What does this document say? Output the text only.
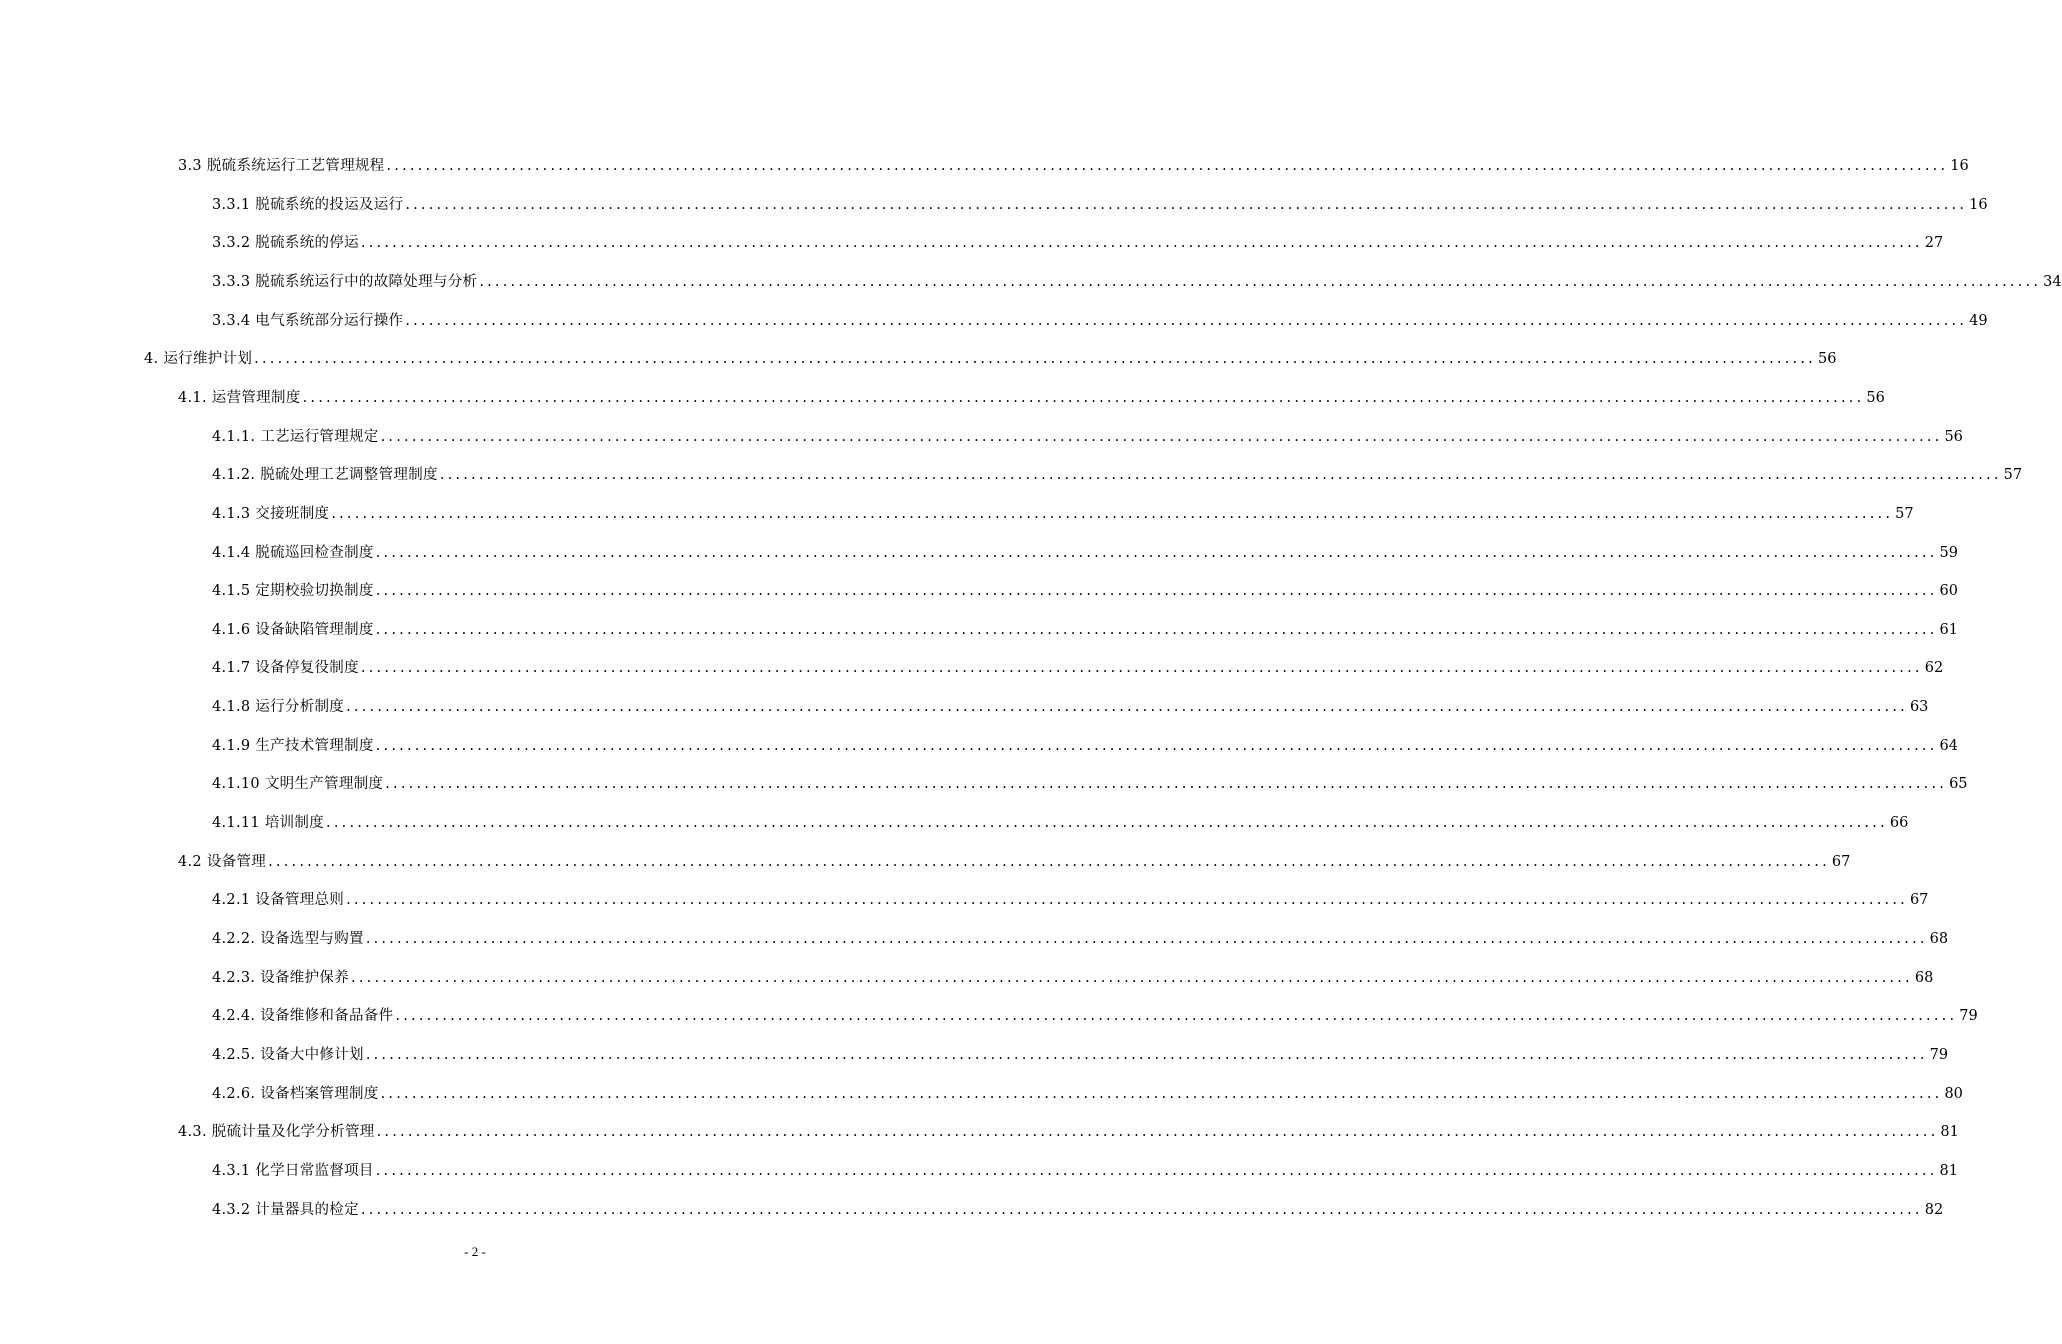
3.3 脱硫系统运行工艺管理规程 ........................................................................................................................................................................................................ 16
3.3.1 脱硫系统的投运及运行 ........................................................................................................................................................................................................ 16
3.3.2 脱硫系统的停运 ........................................................................................................................................................................................................ 27
3.3.3 脱硫系统运行中的故障处理与分析 ........................................................................................................................................................................................................ 34
3.3.4 电气系统部分运行操作 ........................................................................................................................................................................................................ 49
4. 运行维护计划 ........................................................................................................................................................................................................ 56
4.1. 运营管理制度 ........................................................................................................................................................................................................ 56
4.1.1. 工艺运行管理规定 ........................................................................................................................................................................................................ 56
4.1.2. 脱硫处理工艺调整管理制度 ........................................................................................................................................................................................................ 57
4.1.3 交接班制度 ........................................................................................................................................................................................................ 57
4.1.4 脱硫巡回检查制度 ........................................................................................................................................................................................................ 59
4.1.5 定期校验切换制度 ........................................................................................................................................................................................................ 60
4.1.6 设备缺陷管理制度 ........................................................................................................................................................................................................ 61
4.1.7 设备停复役制度 ........................................................................................................................................................................................................ 62
4.1.8 运行分析制度 ........................................................................................................................................................................................................ 63
4.1.9 生产技术管理制度 ........................................................................................................................................................................................................ 64
4.1.10 文明生产管理制度 ........................................................................................................................................................................................................ 65
4.1.11 培训制度 ........................................................................................................................................................................................................ 66
4.2 设备管理 ........................................................................................................................................................................................................ 67
4.2.1 设备管理总则 ........................................................................................................................................................................................................ 67
4.2.2. 设备选型与购置 ........................................................................................................................................................................................................ 68
4.2.3. 设备维护保养 ........................................................................................................................................................................................................ 68
4.2.4. 设备维修和备品备件 ........................................................................................................................................................................................................ 79
4.2.5. 设备大中修计划 ........................................................................................................................................................................................................ 79
4.2.6. 设备档案管理制度 ........................................................................................................................................................................................................ 80
4.3. 脱硫计量及化学分析管理 ........................................................................................................................................................................................................ 81
4.3.1 化学日常监督项目 ........................................................................................................................................................................................................ 81
4.3.2 计量器具的检定 ........................................................................................................................................................................................................ 82
- 2 -
